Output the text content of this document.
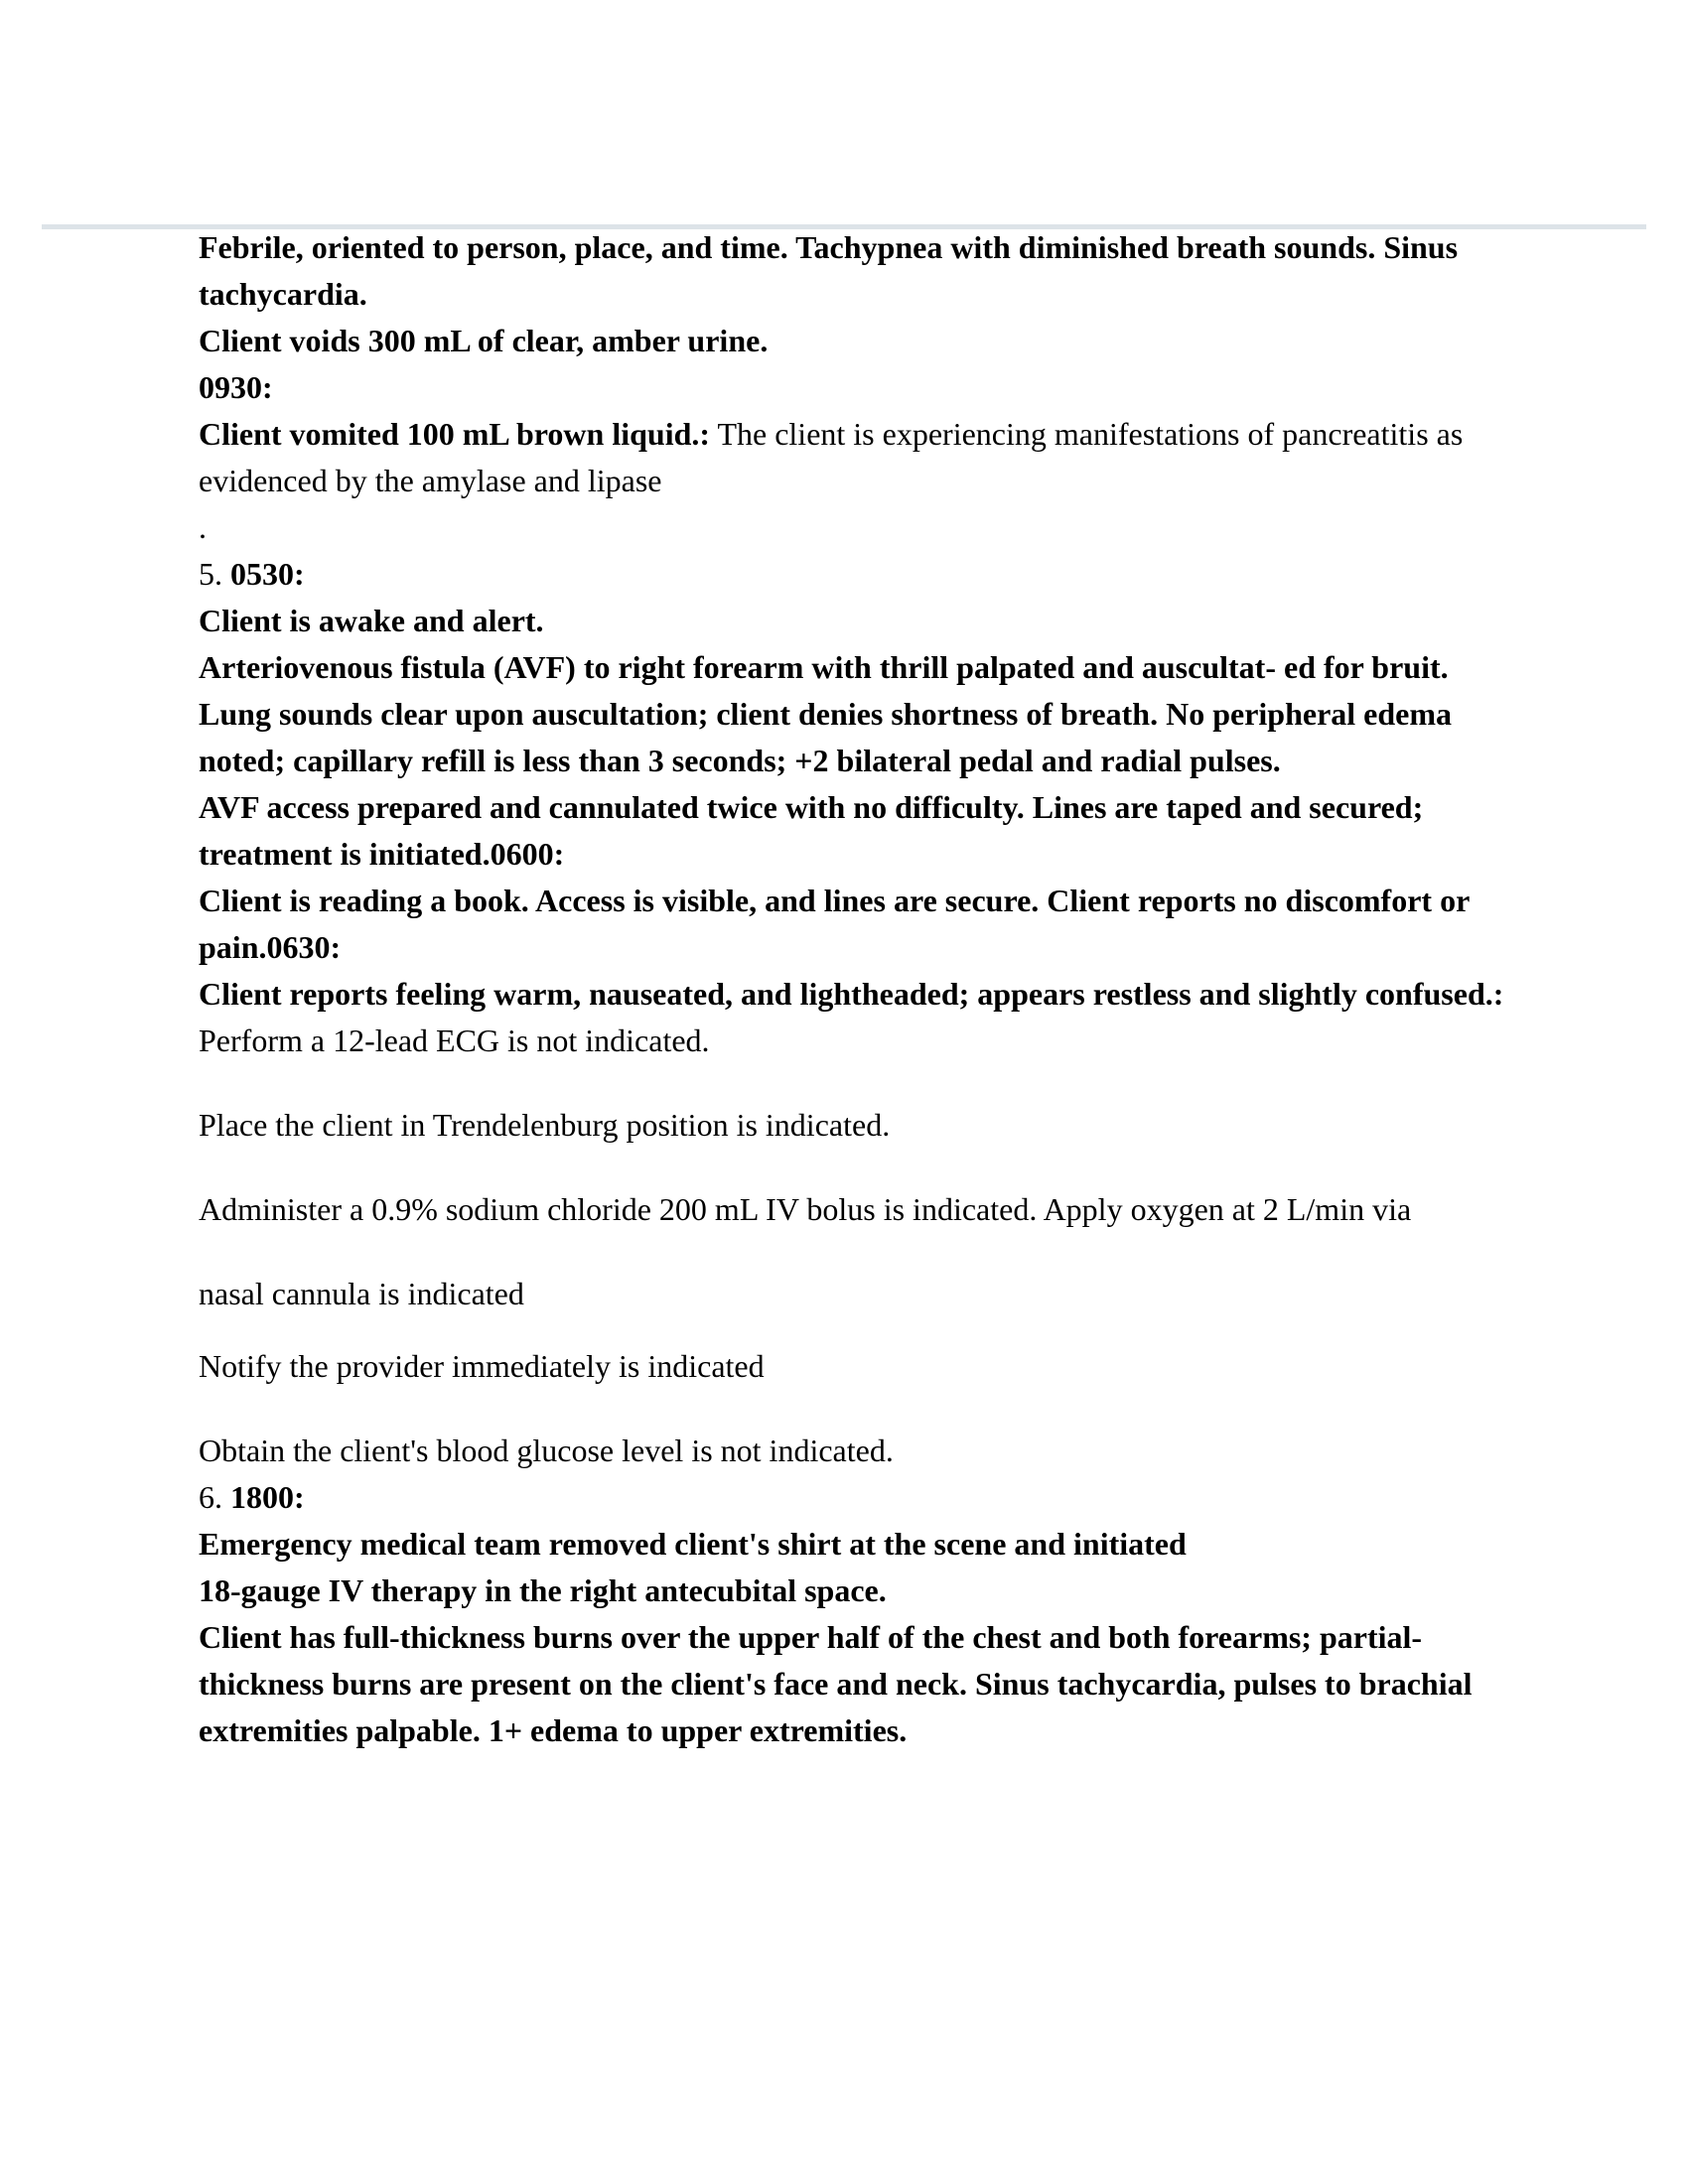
Febrile, oriented to person, place, and time. Tachypnea with diminished breath sounds. Sinus tachycardia.

Client voids 300 mL of clear, amber urine.

0930:

Client vomited 100 mL brown liquid.: The client is experiencing manifestations of pancreatitis as evidenced by the amylase and lipase

.

5. 0530:

Client is awake and alert.

Arteriovenous fistula (AVF) to right forearm with thrill palpated and auscultat- ed for bruit.

Lung sounds clear upon auscultation; client denies shortness of breath. No peripheral edema noted; capillary refill is less than 3 seconds; +2 bilateral pedal and radial pulses.

AVF access prepared and cannulated twice with no difficulty. Lines are taped and secured; treatment is initiated.0600:

Client is reading a book. Access is visible, and lines are secure. Client reports no discomfort or pain.0630:

Client reports feeling warm, nauseated, and lightheaded; appears restless and slightly confused.: Perform a 12-lead ECG is not indicated.

Place the client in Trendelenburg position is indicated.

Administer a 0.9% sodium chloride 200 mL IV bolus is indicated. Apply oxygen at 2 L/min via

nasal cannula is indicated

Notify the provider immediately is indicated

Obtain the client's blood glucose level is not indicated.

6. 1800:

Emergency medical team removed client's shirt at the scene and initiated

18-gauge IV therapy in the right antecubital space.

Client has full-thickness burns over the upper half of the chest and both forearms; partial-thickness burns are present on the client's face and neck. Sinus tachycardia, pulses to brachial extremities palpable. 1+ edema to upper extremities.
